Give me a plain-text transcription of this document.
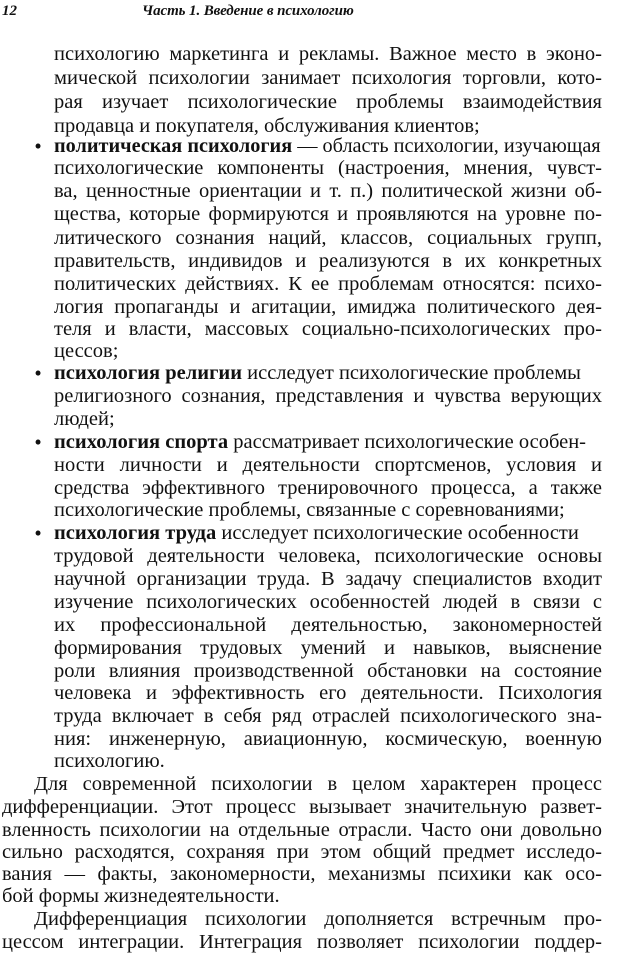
12	Часть 1. Введение в психологию
психологию маркетинга и рекламы. Важное место в эконо-
мической психологии занимает психология торговли, кото-
рая изучает психологические проблемы взаимодействия
продавца и покупателя, обслуживания клиентов;
• политическая психология — область психологии, изучающая
психологические компоненты (настроения, мнения, чувст-
ва, ценностные ориентации и т. п.) политической жизни об-
щества, которые формируются и проявляются на уровне по-
литического сознания наций, классов, социальных групп,
правительств, индивидов и реализуются в их конкретных
политических действиях. К ее проблемам относятся: психо-
логия пропаганды и агитации, имиджа политического дея-
теля и власти, массовых социально-психологических про-
цессов;
• психология религии исследует психологические проблемы
религиозного сознания, представления и чувства верующих
людей;
• психология спорта рассматривает психологические особен-
ности личности и деятельности спортсменов, условия и
средства эффективного тренировочного процесса, а также
психологические проблемы, связанные с соревнованиями;
• психология труда исследует психологические особенности
трудовой деятельности человека, психологические основы
научной организации труда. В задачу специалистов входит
изучение психологических особенностей людей в связи с
их профессиональной деятельностью, закономерностей
формирования трудовых умений и навыков, выяснение
роли влияния производственной обстановки на состояние
человека и эффективность его деятельности. Психология
труда включает в себя ряд отраслей психологического зна-
ния: инженерную, авиационную, космическую, военную
психологию.
Для современной психологии в целом характерен процесс
дифференциации. Этот процесс вызывает значительную развет-
вленность психологии на отдельные отрасли. Часто они довольно
сильно расходятся, сохраняя при этом общий предмет исследо-
вания — факты, закономерности, механизмы психики как осо-
бой формы жизнедеятельности.
Дифференциация психологии дополняется встречным про-
цессом интеграции. Интеграция позволяет психологии поддер-
